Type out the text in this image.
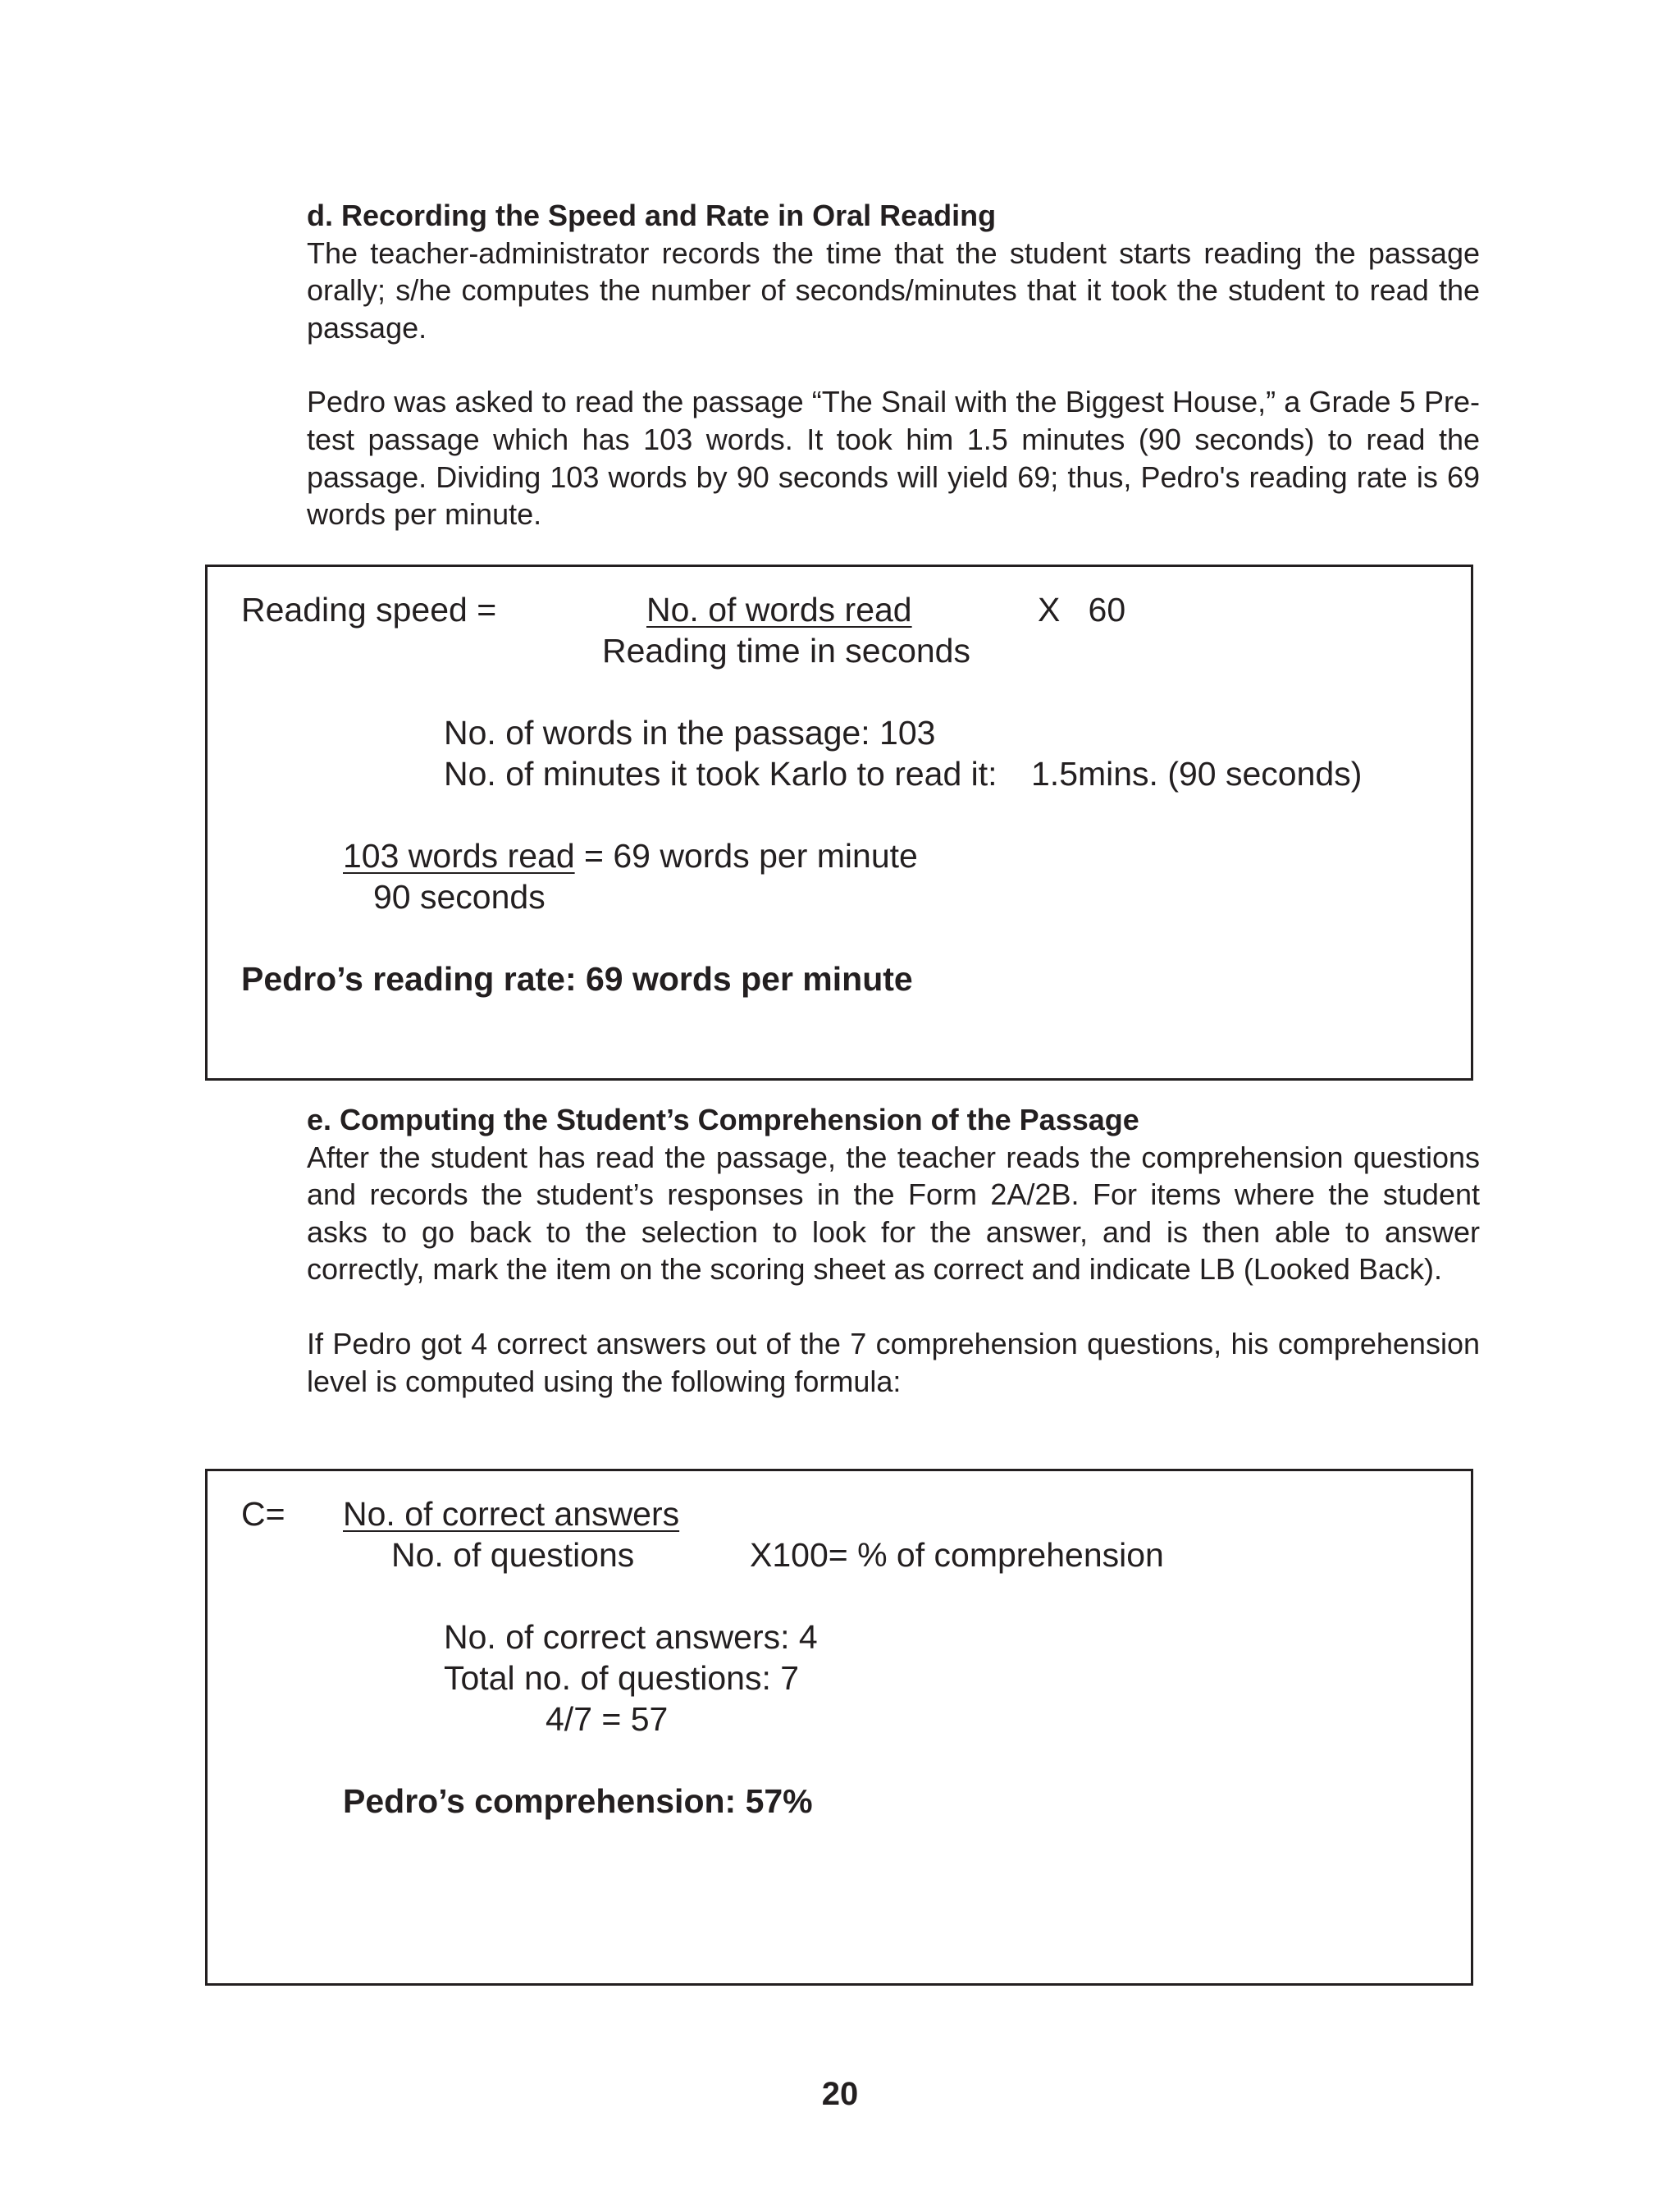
d. Recording the Speed and Rate in Oral Reading

The teacher-administrator records the time that the student starts reading the passage orally; s/he computes the number of seconds/minutes that it took the student to read the passage.

Pedro was asked to read the passage “The Snail with the Biggest House,” a Grade 5 Pre-test passage which has 103 words. It took him 1.5 minutes (90 seconds) to read the passage. Dividing 103 words by 90 seconds will yield 69; thus, Pedro's reading rate is 69 words per minute.

Reading speed =	No. of words read	X   60
Reading time in seconds
No. of words in the passage: 103
No. of minutes it took Karlo to read it: 1.5mins. (90 seconds)
103 words read = 69 words per minute
90 seconds
Pedro’s reading rate: 69 words per minute

e. Computing the Student’s Comprehension of the Passage

After the student has read the passage, the teacher reads the comprehension questions and records the student’s responses in the Form 2A/2B. For items where the student asks to go back to the selection to look for the answer, and is then able to answer correctly, mark the item on the scoring sheet as correct and indicate LB (Looked Back).

If Pedro got 4 correct answers out of the 7 comprehension questions, his comprehension level is computed using the following formula:

C= No. of correct answers
No. of questions	X100= % of comprehension
No. of correct answers: 4
Total no. of questions: 7
4/7 = 57
Pedro’s comprehension: 57%
20
